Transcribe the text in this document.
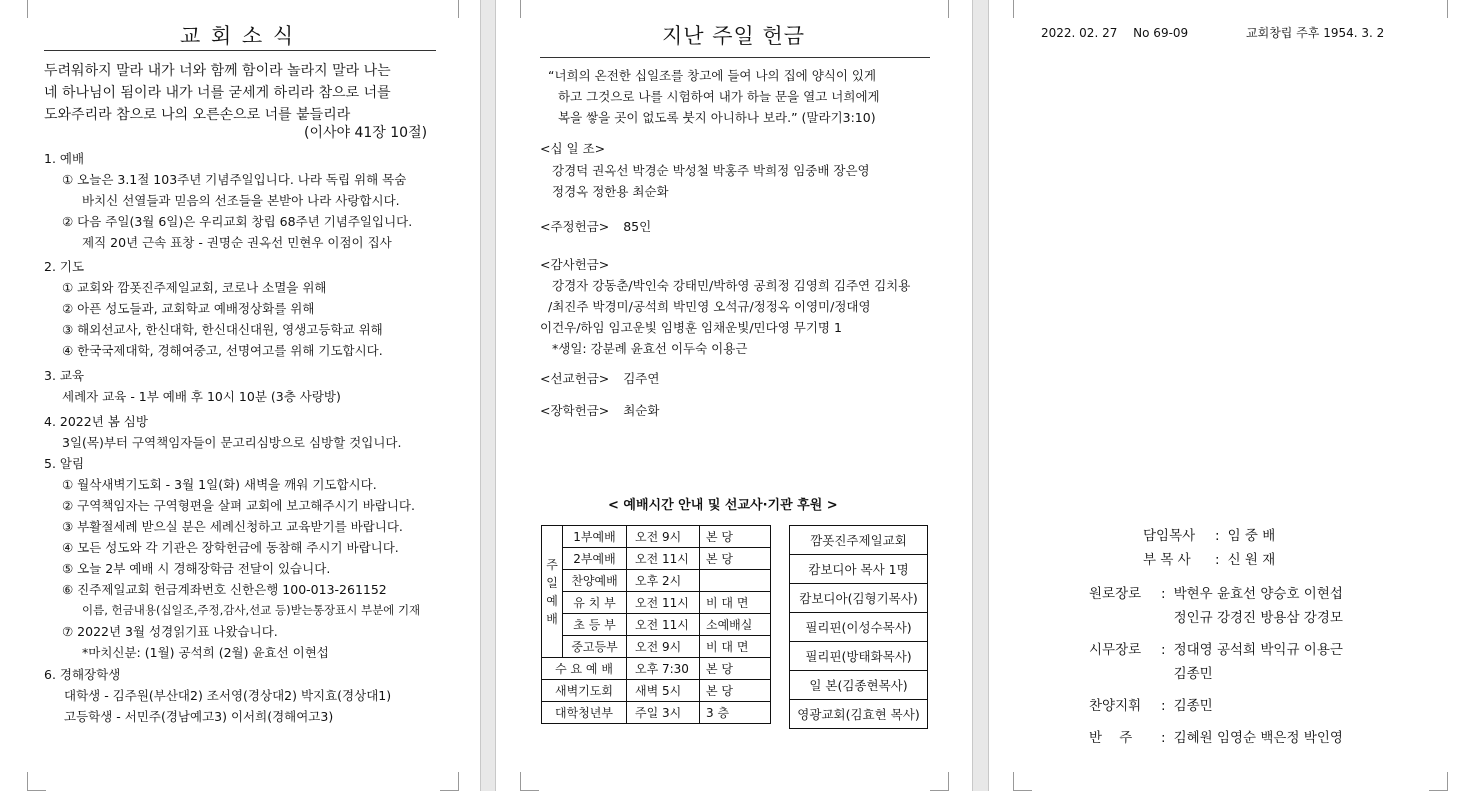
교 회 소 식
두려워하지 말라 내가 너와 함께 함이라 놀라지 말라 나는
네 하나님이 됨이라 내가 너를 굳세게 하리라 참으로 너를
도와주리라 참으로 나의 오른손으로 너를 붙들리라
(이사야 41장 10절)
1. 예배
① 오늘은 3.1절 103주년 기념주일입니다. 나라 독립 위해 목숨
바치신 선열들과 믿음의 선조들을 본받아 나라 사랑합시다.
② 다음 주일(3월 6일)은 우리교회 창립 68주년 기념주일입니다.
제직 20년 근속 표창 - 권명순 권옥선 민현우 이점이 집사
2. 기도
① 교회와 깜폿진주제일교회, 코로나 소멸을 위해
② 아픈 성도들과, 교회학교 예배정상화를 위해
③ 해외선교사, 한신대학, 한신대신대원, 영생고등학교 위해
④ 한국국제대학, 경해여중고, 선명여고를 위해 기도합시다.
3. 교육
세례자 교육 - 1부 예배 후 10시 10분 (3층 사랑방)
4. 2022년 봄 심방
3일(목)부터 구역책임자들이 문고리심방으로 심방할 것입니다.
5. 알림
① 월삭새벽기도회 - 3월 1일(화) 새벽을 깨워 기도합시다.
② 구역책임자는 구역형편을 살펴 교회에 보고해주시기 바랍니다.
③ 부활절세례 받으실 분은 세례신청하고 교육받기를 바랍니다.
④ 모든 성도와 각 기관은 장학헌금에 동참해 주시기 바랍니다.
⑤ 오늘 2부 예배 시 경해장학금 전달이 있습니다.
⑥ 진주제일교회 헌금계좌번호 신한은행 100-013-261152
이름, 헌금내용(십일조,주정,감사,선교 등)받는통장표시 부분에 기재
⑦ 2022년 3월 성경읽기표 나왔습니다.
*마치신분: (1월) 공석희 (2월) 윤효선 이현섭
6. 경해장학생
대학생 - 김주원(부산대2) 조서영(경상대2) 박지효(경상대1)
고등학생 - 서민주(경남예고3) 이서희(경해여고3)
지난 주일 헌금
“너희의 온전한 십일조를 창고에 들여 나의 집에 양식이 있게
하고 그것으로 나를 시험하여 내가 하늘 문을 열고 너희에게
복을 쌓을 곳이 없도록 붓지 아니하나 보라.” (말라기3:10)
<십 일 조>
강경덕 권옥선 박경순 박성철 박홍주 박희정 임중배 장은영
정경옥 정한용 최순화
<주정헌금> 85인
<감사헌금>
강경자 강동춘/박인숙 강태민/박하영 공희정 김영희 김주연 김치용
/최진주 박경미/공석희 박민영 오석규/정정옥 이영미/정대영
이건우/하임 임고운빛 임병훈 임채운빛/민다영 무기명 1
*생일: 강분례 윤효선 이두숙 이용근
<선교헌금> 김주연
<장학헌금> 최순화
< 예배시간 안내 및 선교사·기관 후원 >
주
일
예
배	1부예배	오전 9시	본 당
	2부예배	오전 11시	본 당
	찬양예배	오후 2시	
	유 치 부	오전 11시	비 대 면
	초 등 부	오전 11시	소예배실
	중고등부	오전 9시	비 대 면
수 요 예 배		오후 7:30	본 당
새벽기도회		새벽 5시	본 당
대학청년부		주일 3시	3 층
깜폿진주제일교회
캄보디아 목사 1명
캄보디아(김형기목사)
필리핀(이성수목사)
필리핀(방태화목사)
일 본(김종현목사)
영광교회(김효현 목사)
2022. 02. 27 No 69-09	교회창립 주후 1954. 3. 2
담임목사	: 임 중 배
부 목 사	: 신 원 재
원로장로	: 박현우 윤효선 양승호 이현섭
정인규 강경진 방용삼 강경모
시무장로	: 정대영 공석희 박익규 이용근
김종민
찬양지휘	: 김종민
반    주	: 김혜원 임영순 백은정 박인영
